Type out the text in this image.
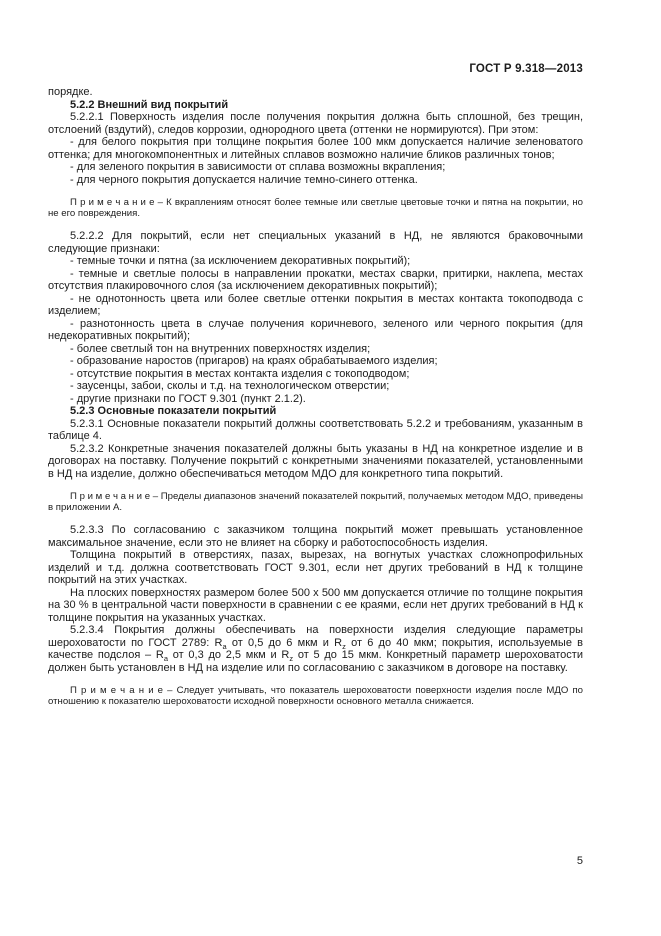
ГОСТ Р 9.318—2013

порядке.

5.2.2 Внешний вид покрытий

5.2.2.1 Поверхность изделия после получения покрытия должна быть сплошной, без трещин, отслоений (вздутий), следов коррозии, однородного цвета (оттенки не нормируются). При этом:

- для белого покрытия при толщине покрытия более 100 мкм допускается наличие зеленоватого оттенка; для многокомпонентных и литейных сплавов возможно наличие бликов различных тонов;

- для зеленого покрытия в зависимости от сплава возможны вкрапления;

- для черного покрытия допускается наличие темно-синего оттенка.

П р и м е ч а н и е – К вкраплениям относят более темные или светлые цветовые точки и пятна на покрытии, но не его повреждения.

5.2.2.2 Для покрытий, если нет специальных указаний в НД, не являются браковочными следующие признаки:

- темные точки и пятна (за исключением декоративных покрытий);

- темные и светлые полосы в направлении прокатки, местах сварки, притирки, наклепа, местах отсутствия плакировочного слоя (за исключением декоративных покрытий);

- не однотонность цвета или более светлые оттенки покрытия в местах контакта токоподвода с изделием;

- разнотонность цвета в случае получения коричневого, зеленого или черного покрытия (для недекоративных покрытий);

- более светлый тон на внутренних поверхностях изделия;

- образование наростов (пригаров) на краях обрабатываемого изделия;

- отсутствие покрытия в местах контакта изделия с токоподводом;

- заусенцы, забои, сколы и т.д. на технологическом отверстии;

- другие признаки по ГОСТ 9.301 (пункт 2.1.2).

5.2.3 Основные показатели покрытий

5.2.3.1 Основные показатели покрытий должны соответствовать 5.2.2 и требованиям, указанным в таблице 4.

5.2.3.2 Конкретные значения показателей должны быть указаны в НД на конкретное изделие и в договорах на поставку. Получение покрытий с конкретными значениями показателей, установленными в НД на изделие, должно обеспечиваться методом МДО для конкретного типа покрытий.

П р и м е ч а н и е – Пределы диапазонов значений показателей покрытий, получаемых методом МДО, приведены в приложении А.

5.2.3.3 По согласованию с заказчиком толщина покрытий может превышать установленное максимальное значение, если это не влияет на сборку и работоспособность изделия.

Толщина покрытий в отверстиях, пазах, вырезах, на вогнутых участках сложнопрофильных изделий и т.д. должна соответствовать ГОСТ 9.301, если нет других требований в НД к толщине покрытий на этих участках.

На плоских поверхностях размером более 500 х 500 мм допускается отличие по толщине покрытия на 30 % в центральной части поверхности в сравнении с ее краями, если нет других требований в НД к толщине покрытия на указанных участках.

5.2.3.4 Покрытия должны обеспечивать на поверхности изделия следующие параметры шероховатости по ГОСТ 2789: $R_a$ от 0,5 до 6 мкм и $R_z$ от 6 до 40 мкм; покрытия, используемые в качестве подслоя – $R_a$ от 0,3 до 2,5 мкм и $R_z$ от 5 до 15 мкм. Конкретный параметр шероховатости должен быть установлен в НД на изделие или по согласованию с заказчиком в договоре на поставку.

П р и м е ч а н и е – Следует учитывать, что показатель шероховатости поверхности изделия после МДО по отношению к показателю шероховатости исходной поверхности основного металла снижается.

5
